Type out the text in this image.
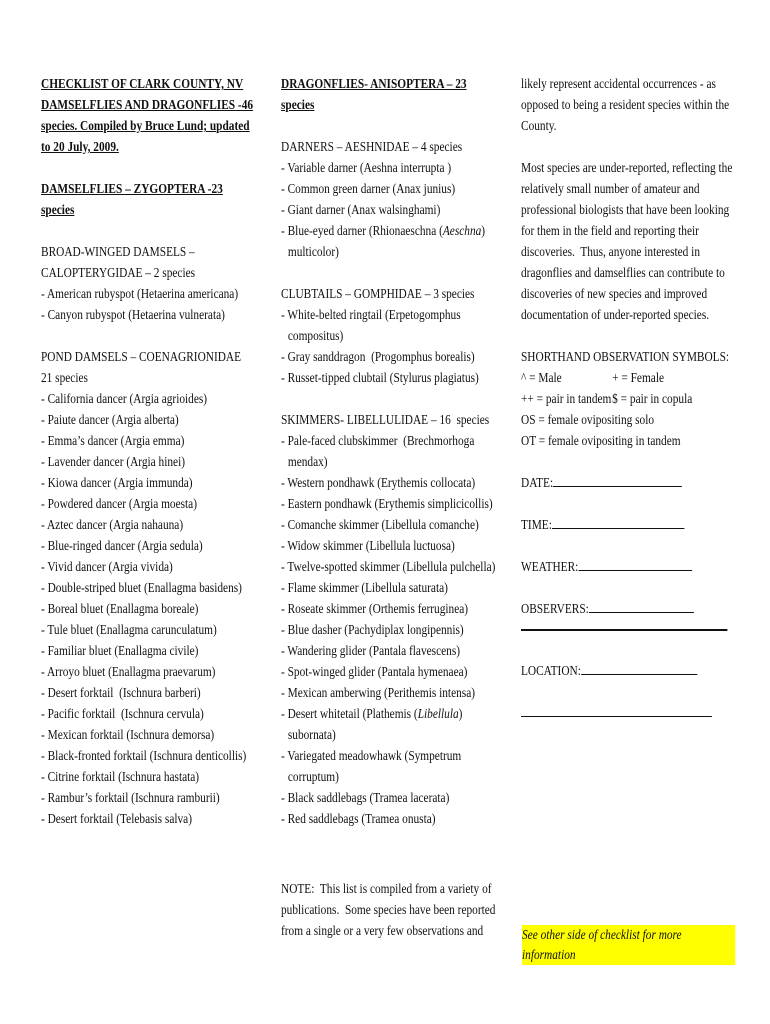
CHECKLIST OF CLARK COUNTY, NV
DAMSELFLIES AND DRAGONFLIES -46
species. Compiled by Bruce Lund; updated
to 20 July, 2009.
DAMSELFLIES – ZYGOPTERA -23
species
BROAD-WINGED DAMSELS –
CALOPTERYGIDAE – 2 species
- American rubyspot (Hetaerina americana)
- Canyon rubyspot (Hetaerina vulnerata)
POND DAMSELS – COENAGRIONIDAE
21 species
- California dancer (Argia agrioides)
- Paiute dancer (Argia alberta)
- Emma’s dancer (Argia emma)
- Lavender dancer (Argia hinei)
- Kiowa dancer (Argia immunda)
- Powdered dancer (Argia moesta)
- Aztec dancer (Argia nahauna)
- Blue-ringed dancer (Argia sedula)
- Vivid dancer (Argia vivida)
- Double-striped bluet (Enallagma basidens)
- Boreal bluet (Enallagma boreale)
- Tule bluet (Enallagma carunculatum)
- Familiar bluet (Enallagma civile)
- Arroyo bluet (Enallagma praevarum)
- Desert forktail  (Ischnura barberi)
- Pacific forktail  (Ischnura cervula)
- Mexican forktail (Ischnura demorsa)
- Black-fronted forktail (Ischnura denticollis)
- Citrine forktail (Ischnura hastata)
- Rambur’s forktail (Ischnura ramburii)
- Desert forktail (Telebasis salva)
DRAGONFLIES- ANISOPTERA – 23
species
DARNERS – AESHNIDAE – 4 species
- Variable darner (Aeshna interrupta )
- Common green darner (Anax junius)
- Giant darner (Anax walsinghami)
- Blue-eyed darner (Rhionaeschna (Aeschna)
multicolor)
CLUBTAILS – GOMPHIDAE – 3 species
- White-belted ringtail (Erpetogomphus
compositus)
- Gray sanddragon  (Progomphus borealis)
- Russet-tipped clubtail (Stylurus plagiatus)
SKIMMERS- LIBELLULIDAE – 16  species
- Pale-faced clubskimmer  (Brechmorhoga
mendax)
- Western pondhawk (Erythemis collocata)
- Eastern pondhawk (Erythemis simplicicollis)
- Comanche skimmer (Libellula comanche)
- Widow skimmer (Libellula luctuosa)
- Twelve-spotted skimmer (Libellula pulchella)
- Flame skimmer (Libellula saturata)
- Roseate skimmer (Orthemis ferruginea)
- Blue dasher (Pachydiplax longipennis)
- Wandering glider (Pantala flavescens)
- Spot-winged glider (Pantala hymenaea)
- Mexican amberwing (Perithemis intensa)
- Desert whitetail (Plathemis (Libellula)
subornata)
- Variegated meadowhawk (Sympetrum
corruptum)
- Black saddlebags (Tramea lacerata)
- Red saddlebags (Tramea onusta)
NOTE:  This list is compiled from a variety of
publications.  Some species have been reported
from a single or a very few observations and
likely represent accidental occurrences - as
opposed to being a resident species within the
County.
Most species are under-reported, reflecting the
relatively small number of amateur and
professional biologists that have been looking
for them in the field and reporting their
discoveries.  Thus, anyone interested in
dragonflies and damselflies can contribute to
discoveries of new species and improved
documentation of under-reported species.
SHORTHAND OBSERVATION SYMBOLS:
^ = Male	+ = Female
++ = pair in tandem $ = pair in copula
OS = female ovipositing solo
OT = female ovipositing in tandem
DATE:
TIME:
WEATHER:
OBSERVERS:
LOCATION:
See other side of checklist for more information
